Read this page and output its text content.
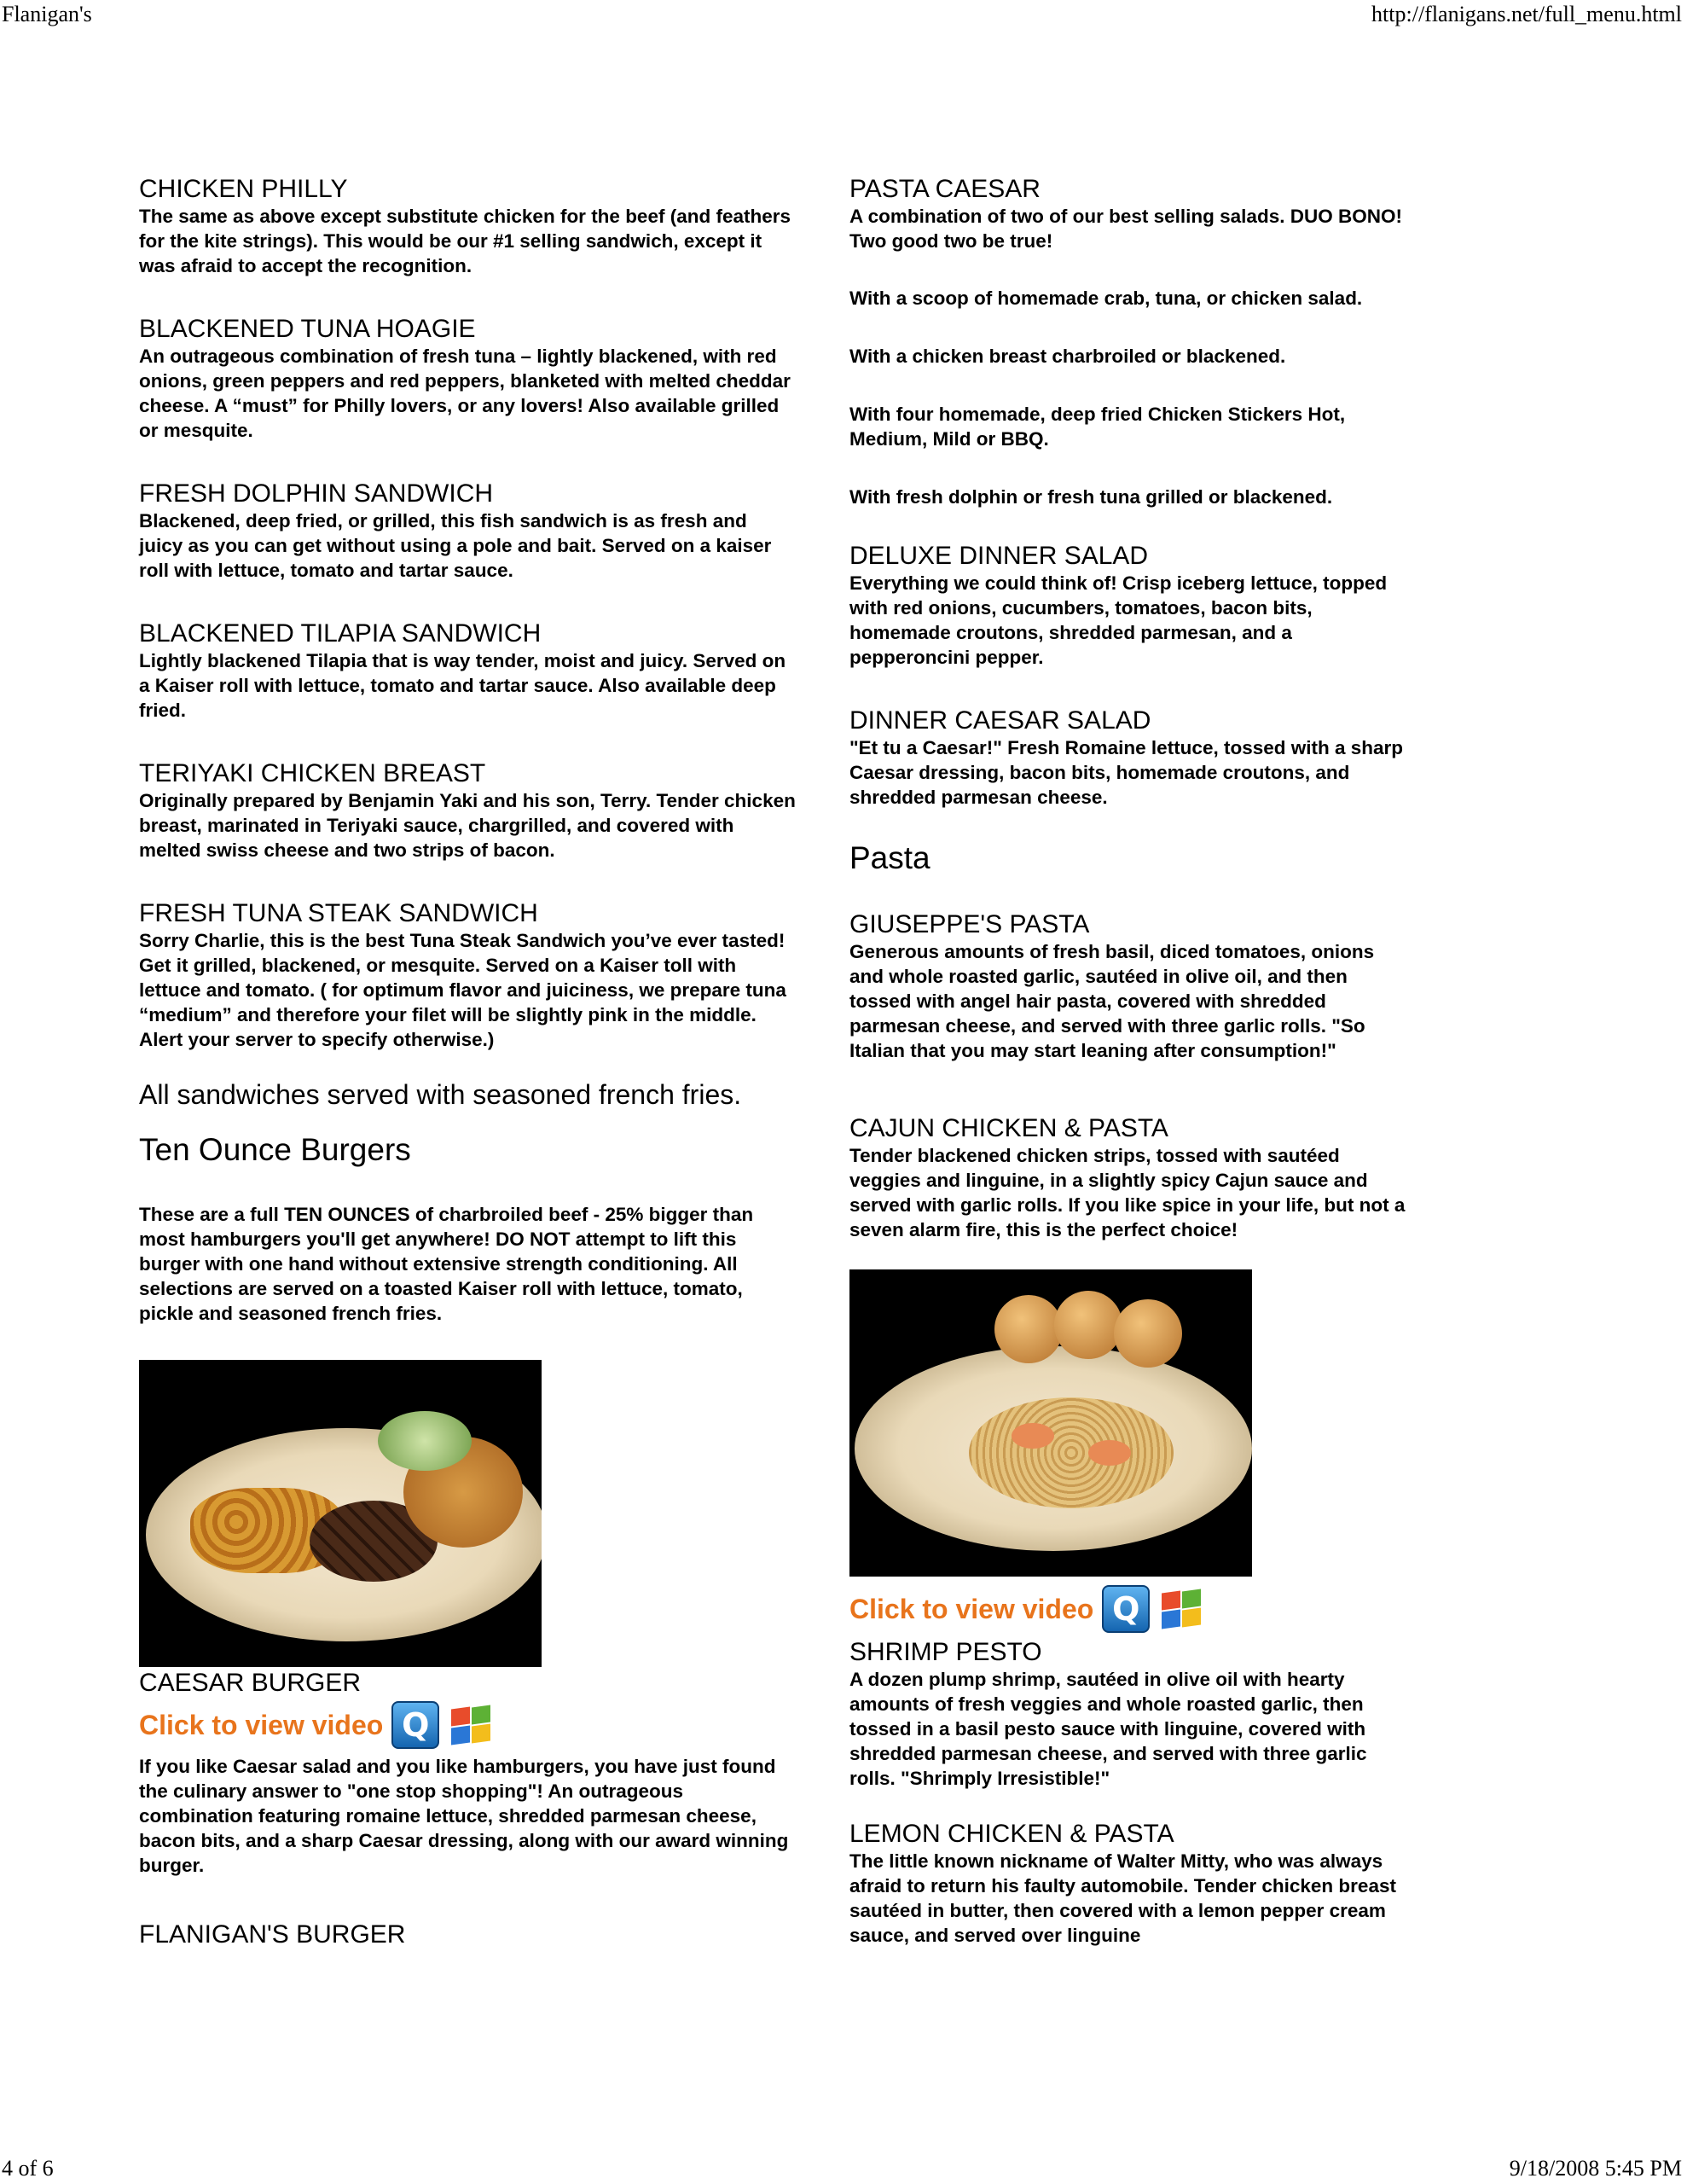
Flanigan's	http://flanigans.net/full_menu.html
CHICKEN PHILLY

The same as above except substitute chicken for the beef (and feathers for the kite strings). This would be our #1 selling sandwich, except it was afraid to accept the recognition.

BLACKENED TUNA HOAGIE

An outrageous combination of fresh tuna – lightly blackened, with red onions, green peppers and red peppers, blanketed with melted cheddar cheese. A “must” for Philly lovers, or any lovers! Also available grilled or mesquite.

FRESH DOLPHIN SANDWICH

Blackened, deep fried, or grilled, this fish sandwich is as fresh and juicy as you can get without using a pole and bait. Served on a kaiser roll with lettuce, tomato and tartar sauce.

BLACKENED TILAPIA SANDWICH

Lightly blackened Tilapia that is way tender, moist and juicy. Served on a Kaiser roll with lettuce, tomato and tartar sauce. Also available deep fried.

TERIYAKI CHICKEN BREAST

Originally prepared by Benjamin Yaki and his son, Terry. Tender chicken breast, marinated in Teriyaki sauce, chargrilled, and covered with melted swiss cheese and two strips of bacon.

FRESH TUNA STEAK SANDWICH

Sorry Charlie, this is the best Tuna Steak Sandwich you’ve ever tasted! Get it grilled, blackened, or mesquite. Served on a Kaiser toll with lettuce and tomato. ( for optimum flavor and juiciness, we prepare tuna “medium” and therefore your filet will be slightly pink in the middle. Alert your server to specify otherwise.)

All sandwiches served with seasoned french fries.

Ten Ounce Burgers

These are a full TEN OUNCES of charbroiled beef - 25% bigger than most hamburgers you'll get anywhere! DO NOT attempt to lift this burger with one hand without extensive strength conditioning. All selections are served on a toasted Kaiser roll with lettuce, tomato, pickle and seasoned french fries.

CAESAR BURGER
Click to view video Q

If you like Caesar salad and you like hamburgers, you have just found the culinary answer to "one stop shopping"! An outrageous combination featuring romaine lettuce, shredded parmesan cheese, bacon bits, and a sharp Caesar dressing, along with our award winning burger.

FLANIGAN'S BURGER
PASTA CAESAR

A combination of two of our best selling salads. DUO BONO! Two good two be true!

With a scoop of homemade crab, tuna, or chicken salad.

With a chicken breast charbroiled or blackened.

With four homemade, deep fried Chicken Stickers Hot, Medium, Mild or BBQ.

With fresh dolphin or fresh tuna grilled or blackened.

DELUXE DINNER SALAD

Everything we could think of! Crisp iceberg lettuce, topped with red onions, cucumbers, tomatoes, bacon bits, homemade croutons, shredded parmesan, and a pepperoncini pepper.

DINNER CAESAR SALAD

"Et tu a Caesar!" Fresh Romaine lettuce, tossed with a sharp Caesar dressing, bacon bits, homemade croutons, and shredded parmesan cheese.

Pasta
GIUSEPPE'S PASTA

Generous amounts of fresh basil, diced tomatoes, onions and whole roasted garlic, sautéed in olive oil, and then tossed with angel hair pasta, covered with shredded parmesan cheese, and served with three garlic rolls. "So Italian that you may start leaning after consumption!"

CAJUN CHICKEN & PASTA

Tender blackened chicken strips, tossed with sautéed veggies and linguine, in a slightly spicy Cajun sauce and served with garlic rolls. If you like spice in your life, but not a seven alarm fire, this is the perfect choice!

Click to view video Q
SHRIMP PESTO

A dozen plump shrimp, sautéed in olive oil with hearty amounts of fresh veggies and whole roasted garlic, then tossed in a basil pesto sauce with linguine, covered with shredded parmesan cheese, and served with three garlic rolls. "Shrimply Irresistible!"

LEMON CHICKEN & PASTA

The little known nickname of Walter Mitty, who was always afraid to return his faulty automobile. Tender chicken breast sautéed in butter, then covered with a lemon pepper cream sauce, and served over linguine

4 of 6	9/18/2008 5:45 PM
